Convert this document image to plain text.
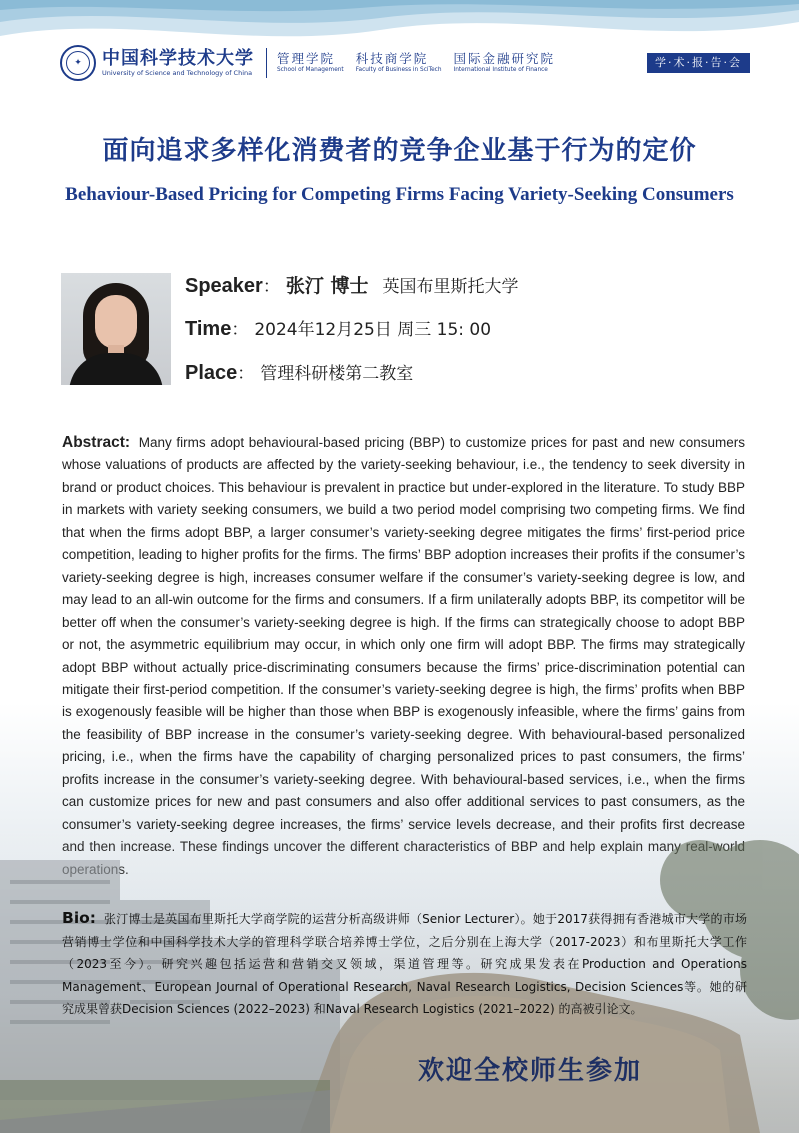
✦	中国科学技术大学
University of Science and Technology of China
管理学院
School of Management
科技商学院
Faculty of Business in SciTech
国际金融研究院
International Institute of Finance
学·术·报·告·会
面向追求多样化消费者的竞争企业基于行为的定价
Behaviour-Based Pricing for Competing Firms Facing Variety-Seeking Consumers
Speaker ： 张汀 博士 英国布里斯托大学
Time ： 2024年12月25日 周三 15: 00
Place ： 管理科研楼第二教室
Abstract: Many firms adopt behavioural-based pricing (BBP) to customize prices for past and new consumers whose valuations of products are affected by the variety-seeking behaviour, i.e., the tendency to seek diversity in brand or product choices. This behaviour is prevalent in practice but under-explored in the literature. To study BBP in markets with variety seeking consumers, we build a two period model comprising two competing firms. We find that when the firms adopt BBP, a larger consumer’s variety-seeking degree mitigates the firms’ first-period price competition, leading to higher profits for the firms. The firms’ BBP adoption increases their profits if the consumer’s variety-seeking degree is high, increases consumer welfare if the consumer’s variety-seeking degree is low, and may lead to an all-win outcome for the firms and consumers. If a firm unilaterally adopts BBP, its competitor will be better off when the consumer’s variety-seeking degree is high. If the firms can strategically choose to adopt BBP or not, the asymmetric equilibrium may occur, in which only one firm will adopt BBP. The firms may strategically adopt BBP without actually price-discriminating consumers because the firms’ price-discrimination potential can mitigate their first-period competition. If the consumer’s variety-seeking degree is high, the firms’ profits when BBP is exogenously feasible will be higher than those when BBP is exogenously infeasible, where the firms’ gains from the feasibility of BBP increase in the consumer’s variety-seeking degree. With behavioural-based personalized pricing, i.e., when the firms have the capability of charging personalized prices to past consumers, the firms’ profits increase in the consumer’s variety-seeking degree. With behavioural-based services, i.e., when the firms can customize prices for new and past consumers and also offer additional services to past consumers, as the
Bio: 张汀博士是英国布里斯托大学商学院的运营分析高级讲师（Senior Lecturer）。她于2017获得拥有香港城市大学的市场营销博士学位和中国科学技术大学的管理科学联合培养博士学位，之后分别在上海大学（2017-2023）和布里斯托大学工作（2023至今）。研究兴趣包括运营和营销交叉领域，渠道管理等。研究成果发表在Production and Operations Management、European Journal of Operational Research, Naval Research Logistics, Decision Sciences等。她的研究成果曾获Decision Sciences (2022–2023) 和Naval Research Logistics (2021–2022) 的高被引论文。
欢迎全校师生参加
